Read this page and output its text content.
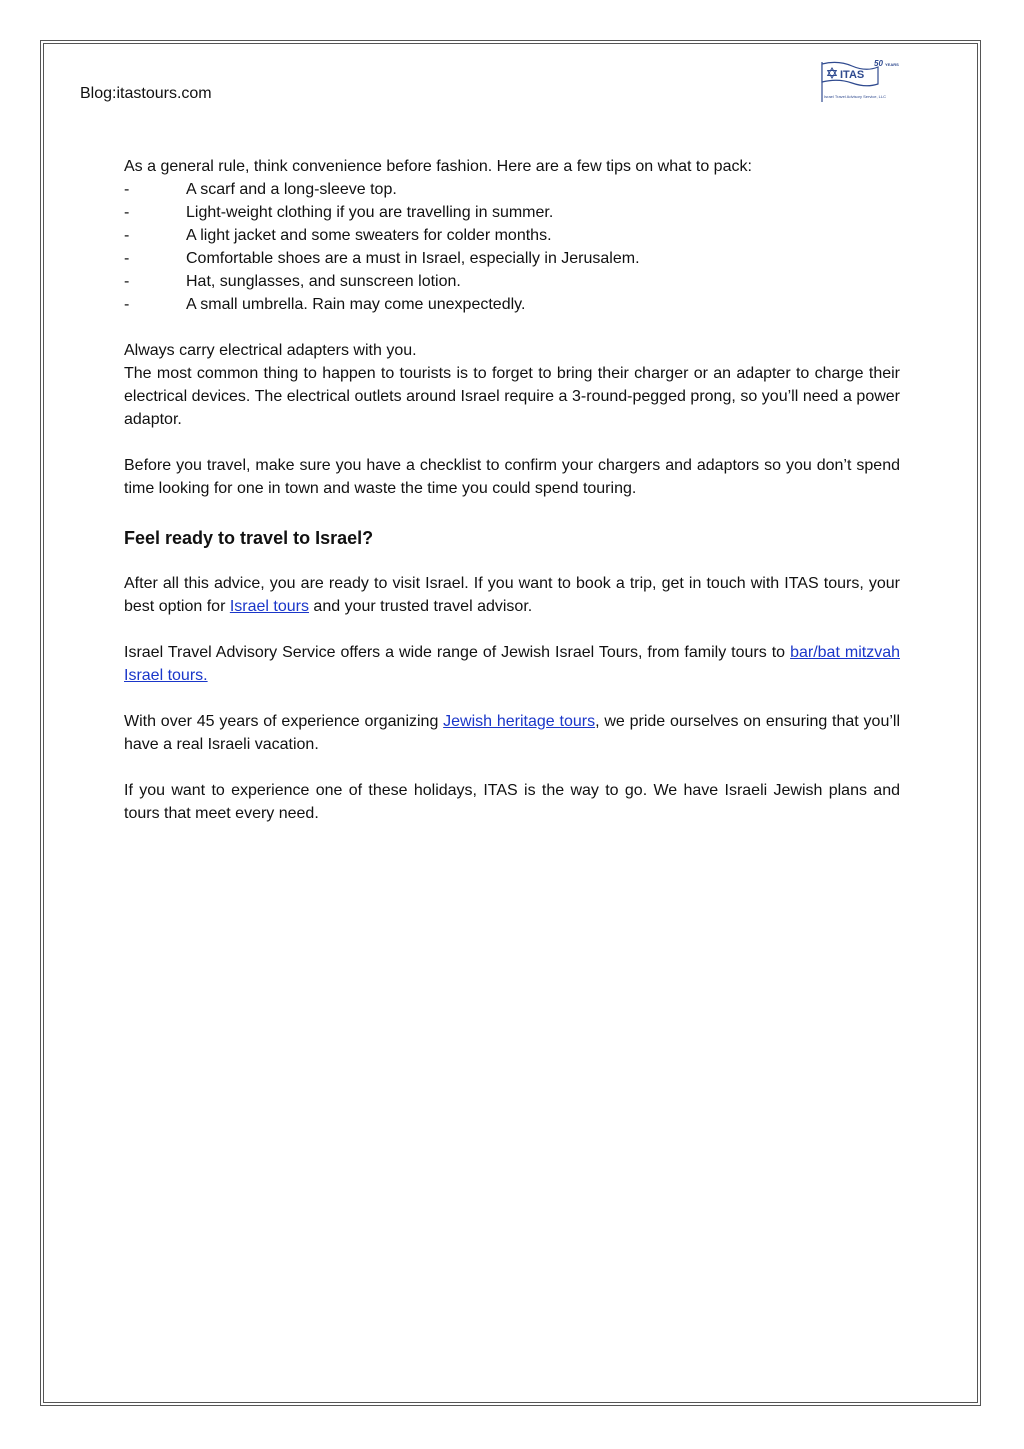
Blog:itastours.com
ITAS
50 YEARS
Israel Travel Advisory Service, LLC

As a general rule, think convenience before fashion. Here are a few tips on what to pack:

-	A scarf and a long-sleeve top.
-	Light-weight clothing if you are travelling in summer.
-	A light jacket and some sweaters for colder months.
-	Comfortable shoes are a must in Israel, especially in Jerusalem.
-	Hat, sunglasses, and sunscreen lotion.
-	A small umbrella. Rain may come unexpectedly.

Always carry electrical adapters with you.

The most common thing to happen to tourists is to forget to bring their charger or an adapter to charge their electrical devices. The electrical outlets around Israel require a 3-round-pegged prong, so you’ll need a power adaptor.

Before you travel, make sure you have a checklist to confirm your chargers and adaptors so you don’t spend time looking for one in town and waste the time you could spend touring.

Feel ready to travel to Israel?

After all this advice, you are ready to visit Israel. If you want to book a trip, get in touch with ITAS tours, your best option for Israel tours and your trusted travel advisor.

Israel Travel Advisory Service offers a wide range of Jewish Israel Tours, from family tours to bar/bat mitzvah Israel tours.

With over 45 years of experience organizing Jewish heritage tours, we pride ourselves on ensuring that you’ll have a real Israeli vacation.

If you want to experience one of these holidays, ITAS is the way to go. We have Israeli Jewish plans and tours that meet every need.
